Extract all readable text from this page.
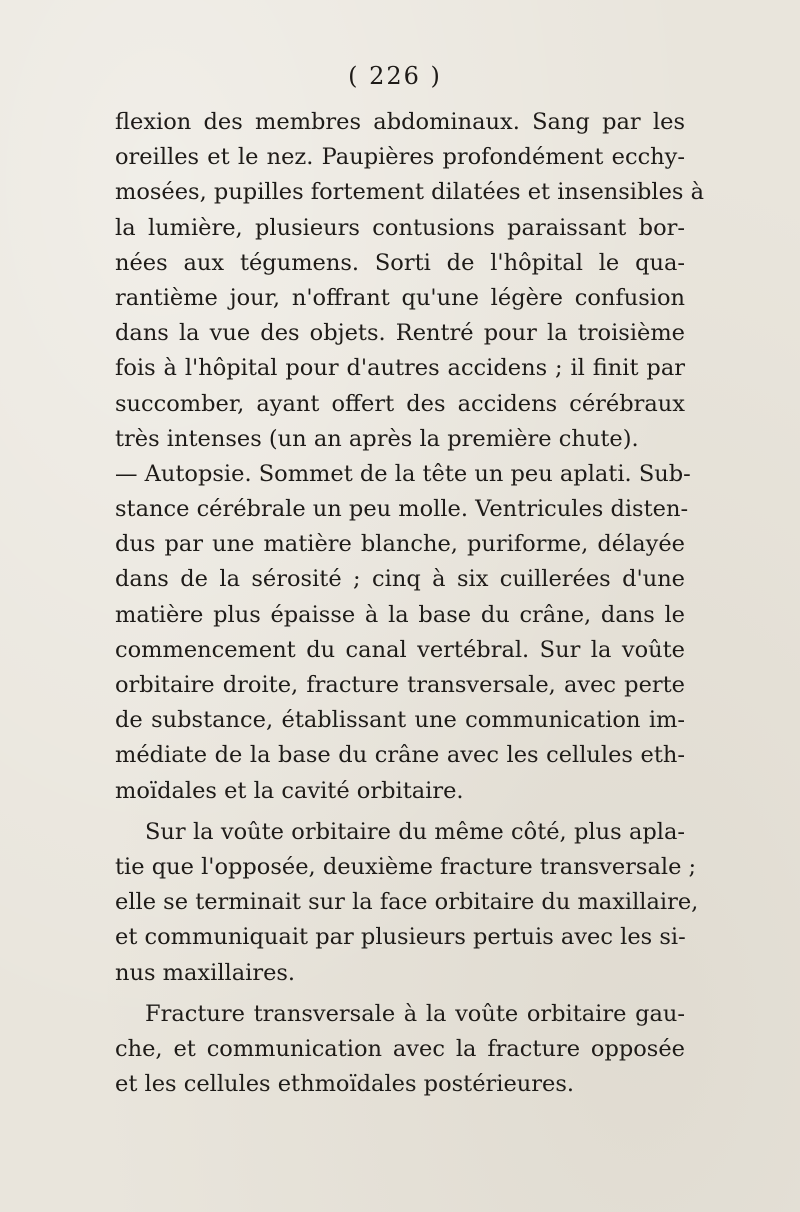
( 226 )
flexion des membres abdominaux. Sang par les
oreilles et le nez. Paupières profondément ecchy-
mosées, pupilles fortement dilatées et insensibles à
la lumière, plusieurs contusions paraissant bor-
nées aux tégumens. Sorti de l'hôpital le qua-
rantième jour, n'offrant qu'une légère confusion
dans la vue des objets. Rentré pour la troisième
fois à l'hôpital pour d'autres accidens ; il finit par
succomber, ayant offert des accidens cérébraux
très intenses (un an après la première chute).
— Autopsie. Sommet de la tête un peu aplati. Sub-
stance cérébrale un peu molle. Ventricules disten-
dus par une matière blanche, puriforme, délayée
dans de la sérosité ; cinq à six cuillerées d'une
matière plus épaisse à la base du crâne, dans le
commencement du canal vertébral. Sur la voûte
orbitaire droite, fracture transversale, avec perte
de substance, établissant une communication im-
médiate de la base du crâne avec les cellules eth-
moïdales et la cavité orbitaire.
Sur la voûte orbitaire du même côté, plus apla-
tie que l'opposée, deuxième fracture transversale ;
elle se terminait sur la face orbitaire du maxillaire,
et communiquait par plusieurs pertuis avec les si-
nus maxillaires.
Fracture transversale à la voûte orbitaire gau-
che, et communication avec la fracture opposée
et les cellules ethmoïdales postérieures.
